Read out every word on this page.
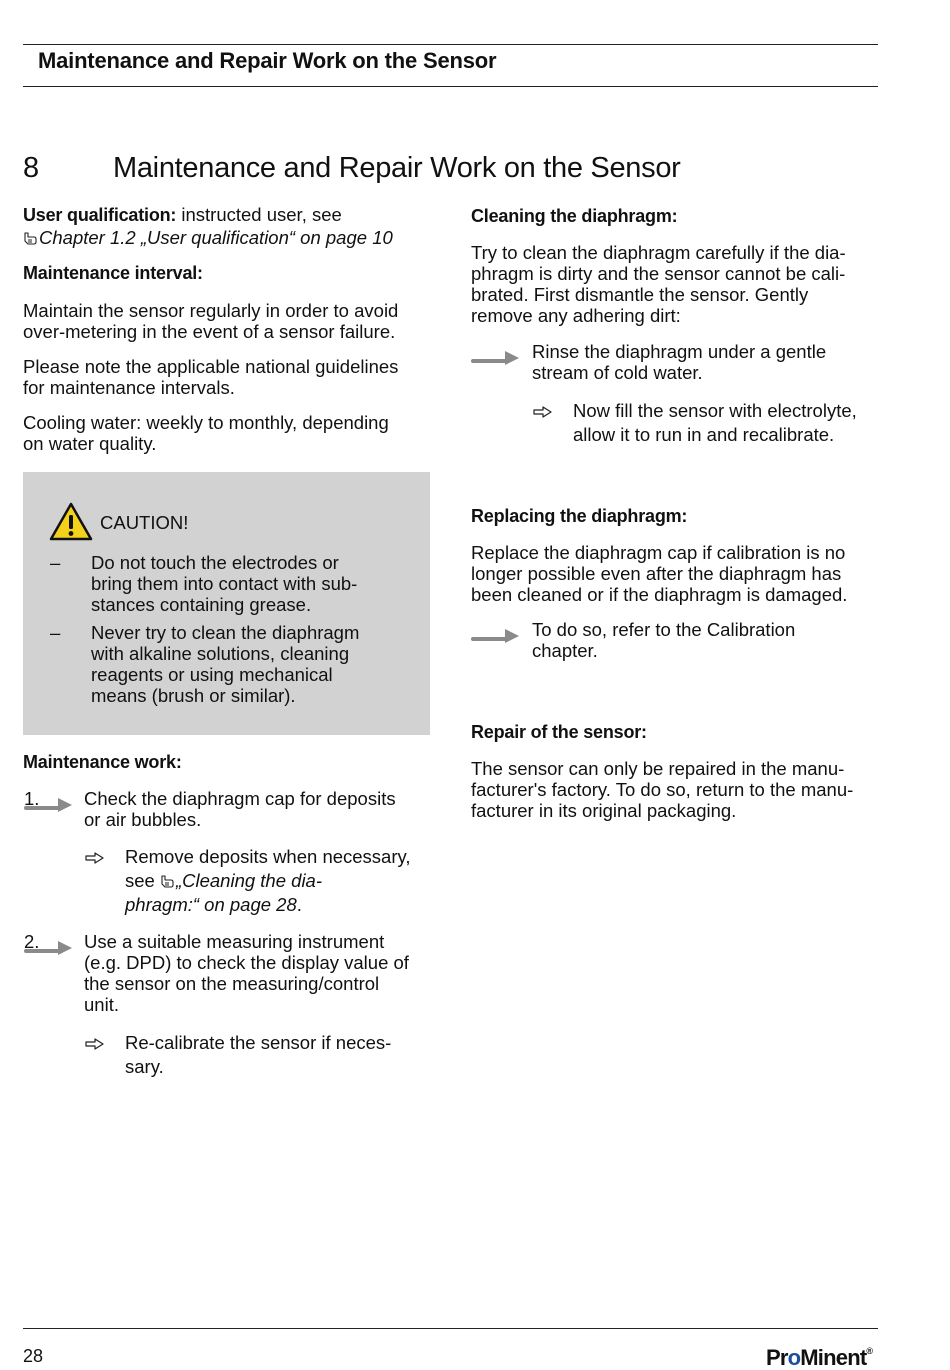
Maintenance and Repair Work on the Sensor
8	Maintenance and Repair Work on the Sensor
User qualification: instructed user, see
Chapter 1.2 „User qualification“ on page 10
Maintenance interval:
Maintain the sensor regularly in order to avoid
over-metering in the event of a sensor failure.
Please note the applicable national guidelines
for maintenance intervals.
Cooling water: weekly to monthly, depending
on water quality.
CAUTION!
– Do not touch the electrodes or
bring them into contact with sub-
stances containing grease.
– Never try to clean the diaphragm
with alkaline solutions, cleaning
reagents or using mechanical
means (brush or similar).
Maintenance work:
1. Check the diaphragm cap for deposits
or air bubbles.
Remove deposits when necessary,
see „Cleaning the dia-
phragm:“ on page 28.
2. Use a suitable measuring instrument
(e.g. DPD) to check the display value of
the sensor on the measuring/control
unit.
Re-calibrate the sensor if neces-
sary.
Cleaning the diaphragm:
Try to clean the diaphragm carefully if the dia-
phragm is dirty and the sensor cannot be cali-
brated. First dismantle the sensor. Gently
remove any adhering dirt:
Rinse the diaphragm under a gentle
stream of cold water.
Now fill the sensor with electrolyte,
allow it to run in and recalibrate.
Replacing the diaphragm:
Replace the diaphragm cap if calibration is no
longer possible even after the diaphragm has
been cleaned or if the diaphragm is damaged.
To do so, refer to the Calibration
chapter.
Repair of the sensor:
The sensor can only be repaired in the manu-
facturer's factory. To do so, return to the manu-
facturer in its original packaging.
28	ProMinent®
